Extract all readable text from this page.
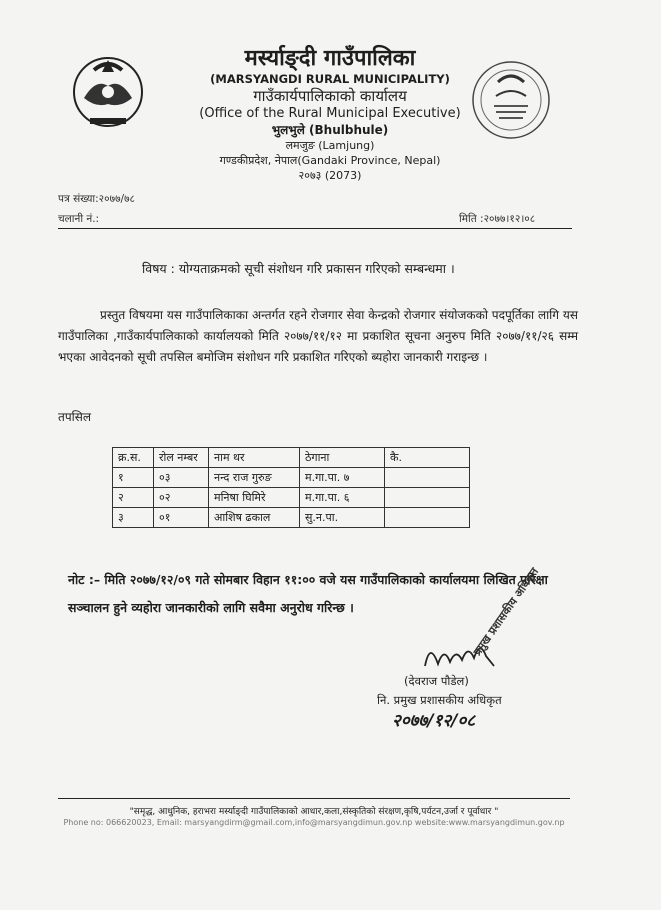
मर्स्याङ्दी गाउँपालिका
(MARSYANGDI RURAL MUNICIPALITY)
गाउँकार्यपालिकाको कार्यालय
(Office of the Rural Municipal Executive)
भुलभुले (Bhulbhule)
लमजुङ (Lamjung)
गण्डकीप्रदेश, नेपाल(Gandaki Province, Nepal)
२०७३ (2073)
पत्र संख्या:२०७७/७८
चलानी नं.:	मिति :२०७७।१२।०८
विषय : योग्यताक्रमको सूची संशोधन गरि प्रकासन गरिएको सम्बन्धमा ।
प्रस्तुत विषयमा यस गाउँपालिकाका अन्तर्गत रहने रोजगार सेवा केन्द्रको रोजगार संयोजकको पदपूर्तिका लागि यस गाउँपालिका ,गाउँकार्यपालिकाको कार्यालयको मिति २०७७/११/१२ मा प्रकाशित सूचना अनुरुप मिति २०७७/११/२६ सम्म भएका आवेदनको सूची तपसिल बमोजिम संशोधन गरि प्रकाशित गरिएको ब्यहोरा जानकारी गराइन्छ ।
तपसिल
क्र.स.	रोल नम्बर	नाम थर	ठेगाना	कै.
१	०३	नन्द राज गुरुङ	म.गा.पा. ७	
२	०२	मनिषा घिमिरे	म.गा.पा. ६	
३	०१	आशिष ढकाल	सु.न.पा.	
नोट :– मिति २०७७/१२/०९ गते सोमबार विहान ११:०० वजे यस गाउँपालिकाको कार्यालयमा लिखित परिक्षा सञ्चालन हुने व्यहोरा जानकारीको लागि सवैमा अनुरोध गरिन्छ ।	प्रमुख प्रशासकीय अधिकृत
(देवराज पौडेल)
नि. प्रमुख प्रशासकीय अधिकृत
२०७७/१२/०८
"समृद्ध, आधुनिक, हराभरा मर्स्याङ्दी गाउँपालिकाको आधार,कला,संस्कृतिको संरक्षण,कृषि,पर्यटन,उर्जा र पूर्वाधार "
Phone no: 066620023, Email: marsyangdirm@gmail.com,info@marsyangdimun.gov.np website:www.marsyangdimun.gov.np
